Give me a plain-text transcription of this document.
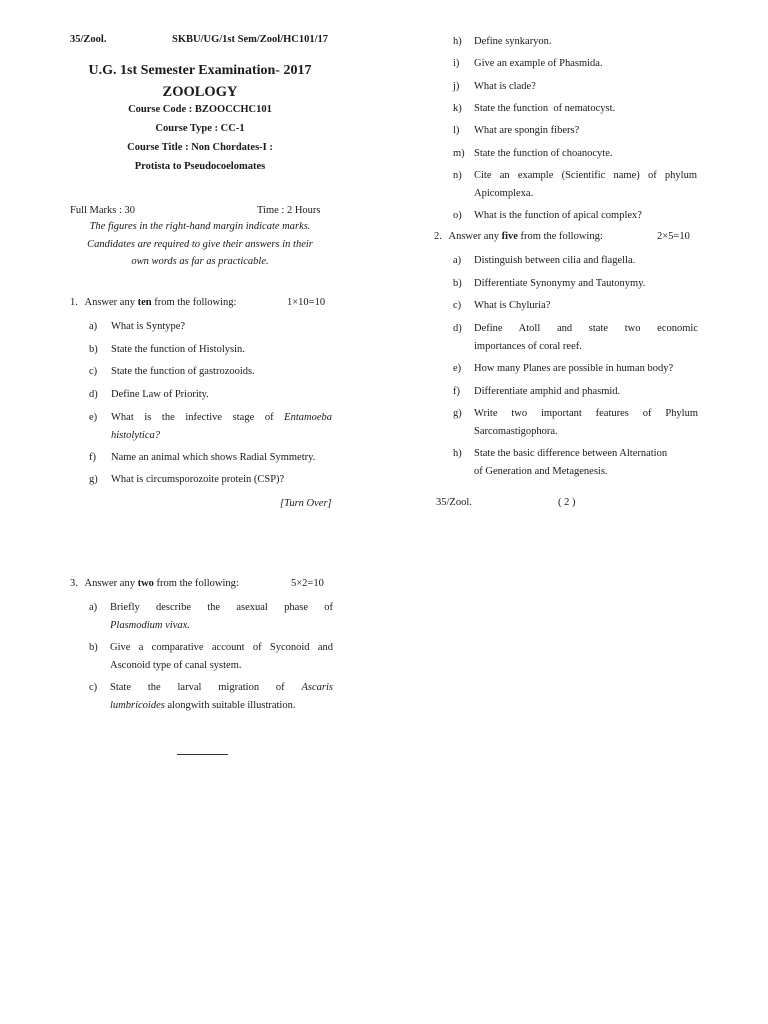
35/Zool.	SKBU/UG/1st Sem/Zool/HC101/17
U.G. 1st Semester Examination- 2017
ZOOLOGY
Course Code : BZOOCCHC101
Course Type : CC-1
Course Title : Non Chordates-I :
Protista to Pseudocoelomates
Full Marks : 30	Time : 2 Hours
The figures in the right-hand margin indicate marks.
Candidates are required to give their answers in their
own words as far as practicable.
1. Answer any ten from the following:	1×10=10
a) What is Syntype?
b) State the function of Histolysin.
c) State the function of gastrozooids.
d) Define Law of Priority.
e) What is the infective stage of Entamoeba
histolytica?
f) Name an animal which shows Radial Symmetry.
g) What is circumsporozoite protein (CSP)?
[Turn Over]
h) Define synkaryon.
i) Give an example of Phasmida.
j) What is clade?
k) State the function  of nematocyst.
l) What are spongin fibers?
m) State the function of choanocyte.
n) Cite an example (Scientific name) of phylum
Apicomplexa.
o) What is the function of apical complex?
2. Answer any five from the following:	2×5=10
a) Distinguish between cilia and flagella.
b) Differentiate Synonymy and Tautonymy.
c) What is Chyluria?
d) Define Atoll and state two economic
importances of coral reef.
e) How many Planes are possible in human body?
f) Differentiate amphid and phasmid.
g) Write two important features of Phylum
Sarcomastigophora.
h) State the basic difference between Alternation
of Generation and Metagenesis.
35/Zool.	( 2 )
3. Answer any two from the following:	5×2=10
a) Briefly describe the asexual phase of
Plasmodium vivax.
b) Give a comparative account of Syconoid and
Asconoid type of canal system.
c) State the larval migration of Ascaris
lumbricoides alongwith suitable illustration.
